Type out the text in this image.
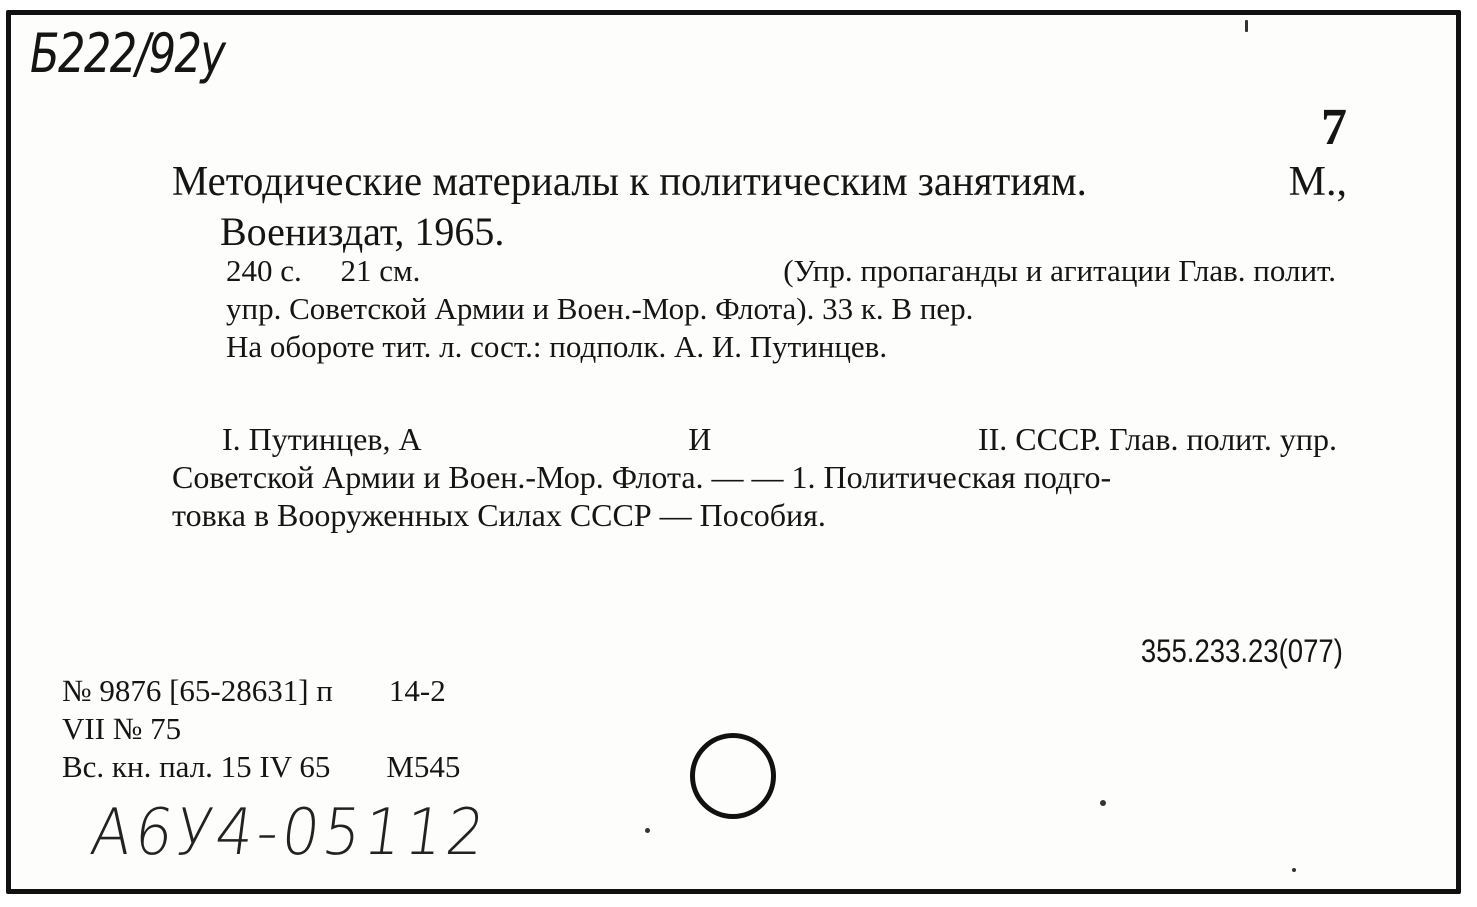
Б222/92у
7
Методические материалы к политическим занятиям.	М.,
Воениздат, 1965.
240 с.     21 см.	(Упр. пропаганды и агитации Глав. полит.
упр. Советской Армии и Воен.-Мор. Флота). 33 к. В пер.
На обороте тит. л. сост.: подполк. А. И. Путинцев.
I. Путинцев, А	И	II. СССР. Глав. полит. упр.
Советской Армии и Воен.-Мор. Флота. — — 1. Политическая подго-
товка в Вооруженных Силах СССР — Пособия.
355.233.23(077)
№ 9876 [65-28631] п 14-2
VII № 75
Вс. кн. пал. 15 IV 65 М545
А6У4-05112
